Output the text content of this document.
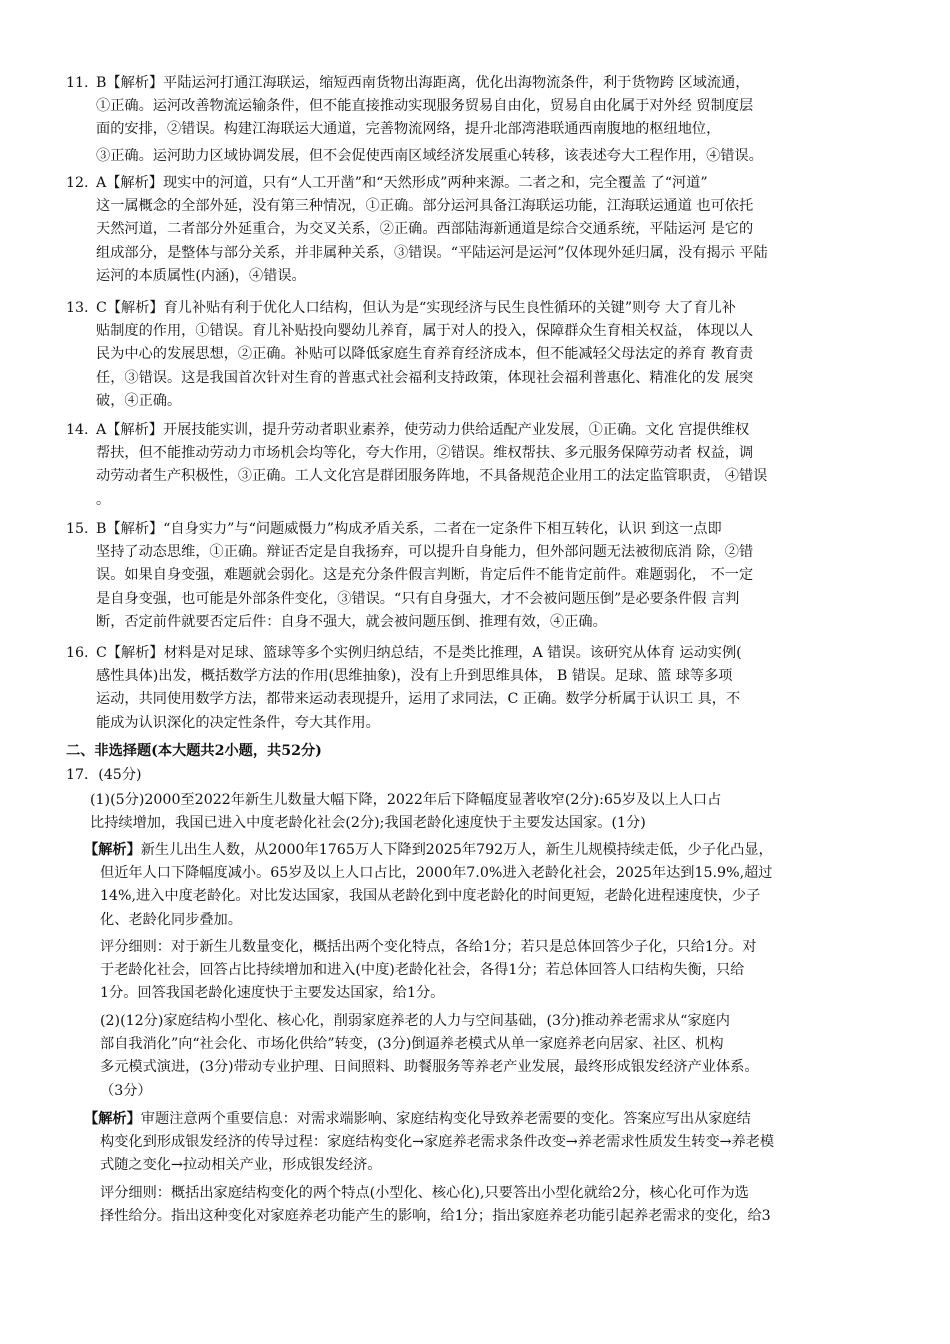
11. B【解析】平陆运河打通江海联运，缩短西南货物出海距离，优化出海物流条件，利于货物跨 区域流通，
①正确。运河改善物流运输条件，但不能直接推动实现服务贸易自由化，贸易自由化属于对外经 贸制度层
面的安排，②错误。构建江海联运大通道，完善物流网络，提升北部湾港联通西南腹地的枢纽地位，
③正确。运河助力区域协调发展，但不会促使西南区域经济发展重心转移，该表述夸大工程作用，④错误。
12. A【解析】现实中的河道，只有“人工开凿”和“天然形成”两种来源。二者之和，完全覆盖 了“河道”
这一属概念的全部外延，没有第三种情况，①正确。部分运河具备江海联运功能，江海联运通道 也可依托
天然河道，二者部分外延重合，为交叉关系，②正确。西部陆海新通道是综合交通系统，平陆运河 是它的
组成部分，是整体与部分关系，并非属种关系，③错误。“平陆运河是运河”仅体现外延归属，没有揭示 平陆
运河的本质属性(内涵)，④错误。
13. C【解析】育儿补贴有利于优化人口结构，但认为是“实现经济与民生良性循环的关键”则夸 大了育儿补
贴制度的作用，①错误。育儿补贴投向婴幼儿养育，属于对人的投入，保障群众生育相关权益， 体现以人
民为中心的发展思想，②正确。补贴可以降低家庭生育养育经济成本，但不能减轻父母法定的养育 教育责
任，③错误。这是我国首次针对生育的普惠式社会福利支持政策，体现社会福利普惠化、精准化的发 展突
破，④正确。
14. A【解析】开展技能实训，提升劳动者职业素养，使劳动力供给适配产业发展，①正确。文化 宫提供维权
帮扶，但不能推动劳动力市场机会均等化，夸大作用，②错误。维权帮扶、多元服务保障劳动者 权益，调
动劳动者生产积极性，③正确。工人文化宫是群团服务阵地，不具备规范企业用工的法定监管职责， ④错误
。
15. B【解析】“自身实力”与“问题威慑力”构成矛盾关系，二者在一定条件下相互转化，认识 到这一点即
坚持了动态思维，①正确。辩证否定是自我扬弃，可以提升自身能力，但外部问题无法被彻底消 除，②错
误。如果自身变强，难题就会弱化。这是充分条件假言判断，肯定后件不能肯定前件。难题弱化， 不一定
是自身变强，也可能是外部条件变化，③错误。“只有自身强大，才不会被问题压倒”是必要条件假 言判
断，否定前件就要否定后件：自身不强大，就会被问题压倒、推理有效，④正确。
16. C【解析】材料是对足球、篮球等多个实例归纳总结，不是类比推理，A 错误。该研究从体育 运动实例(
感性具体)出发，概括数学方法的作用(思维抽象)，没有上升到思维具体， B 错误。足球、篮 球等多项
运动，共同使用数学方法，都带来运动表现提升，运用了求同法，C 正确。数学分析属于认识工 具，不
能成为认识深化的决定性条件，夸大其作用。
二、非选择题(本大题共2小题，共52分)
17．(45分)
(1)(5分)2000至2022年新生儿数量大幅下降，2022年后下降幅度显著收窄(2分):65岁及以上人口占
比持续增加，我国已进入中度老龄化社会(2分);我国老龄化速度快于主要发达国家。(1分)
【解析】新生儿出生人数，从2000年1765万人下降到2025年792万人，新生儿规模持续走低，少子化凸显，
但近年人口下降幅度减小。65岁及以上人口占比，2000年7.0%进入老龄化社会，2025年达到15.9%,超过
14%,进入中度老龄化。对比发达国家，我国从老龄化到中度老龄化的时间更短，老龄化进程速度快，少子
化、老龄化同步叠加。
评分细则：对于新生儿数量变化，概括出两个变化特点，各给1分；若只是总体回答少子化，只给1分。对
于老龄化社会，回答占比持续增加和进入(中度)老龄化社会，各得1分；若总体回答人口结构失衡，只给
1分。回答我国老龄化速度快于主要发达国家，给1分。
(2)(12分)家庭结构小型化、核心化，削弱家庭养老的人力与空间基础，(3分)推动养老需求从“家庭内
部自我消化”向“社会化、市场化供给”转变，(3分)倒逼养老模式从单一家庭养老向居家、社区、机构
多元模式演进，(3分)带动专业护理、日间照料、助餐服务等养老产业发展，最终形成银发经济产业体系。
（3分）
【解析】审题注意两个重要信息：对需求端影响、家庭结构变化导致养老需要的变化。答案应写出从家庭结
构变化到形成银发经济的传导过程：家庭结构变化→家庭养老需求条件改变→养老需求性质发生转变→养老模
式随之变化→拉动相关产业，形成银发经济。
评分细则：概括出家庭结构变化的两个特点(小型化、核心化),只要答出小型化就给2分，核心化可作为选
择性给分。指出这种变化对家庭养老功能产生的影响，给1分；指出家庭养老功能引起养老需求的变化，给3
